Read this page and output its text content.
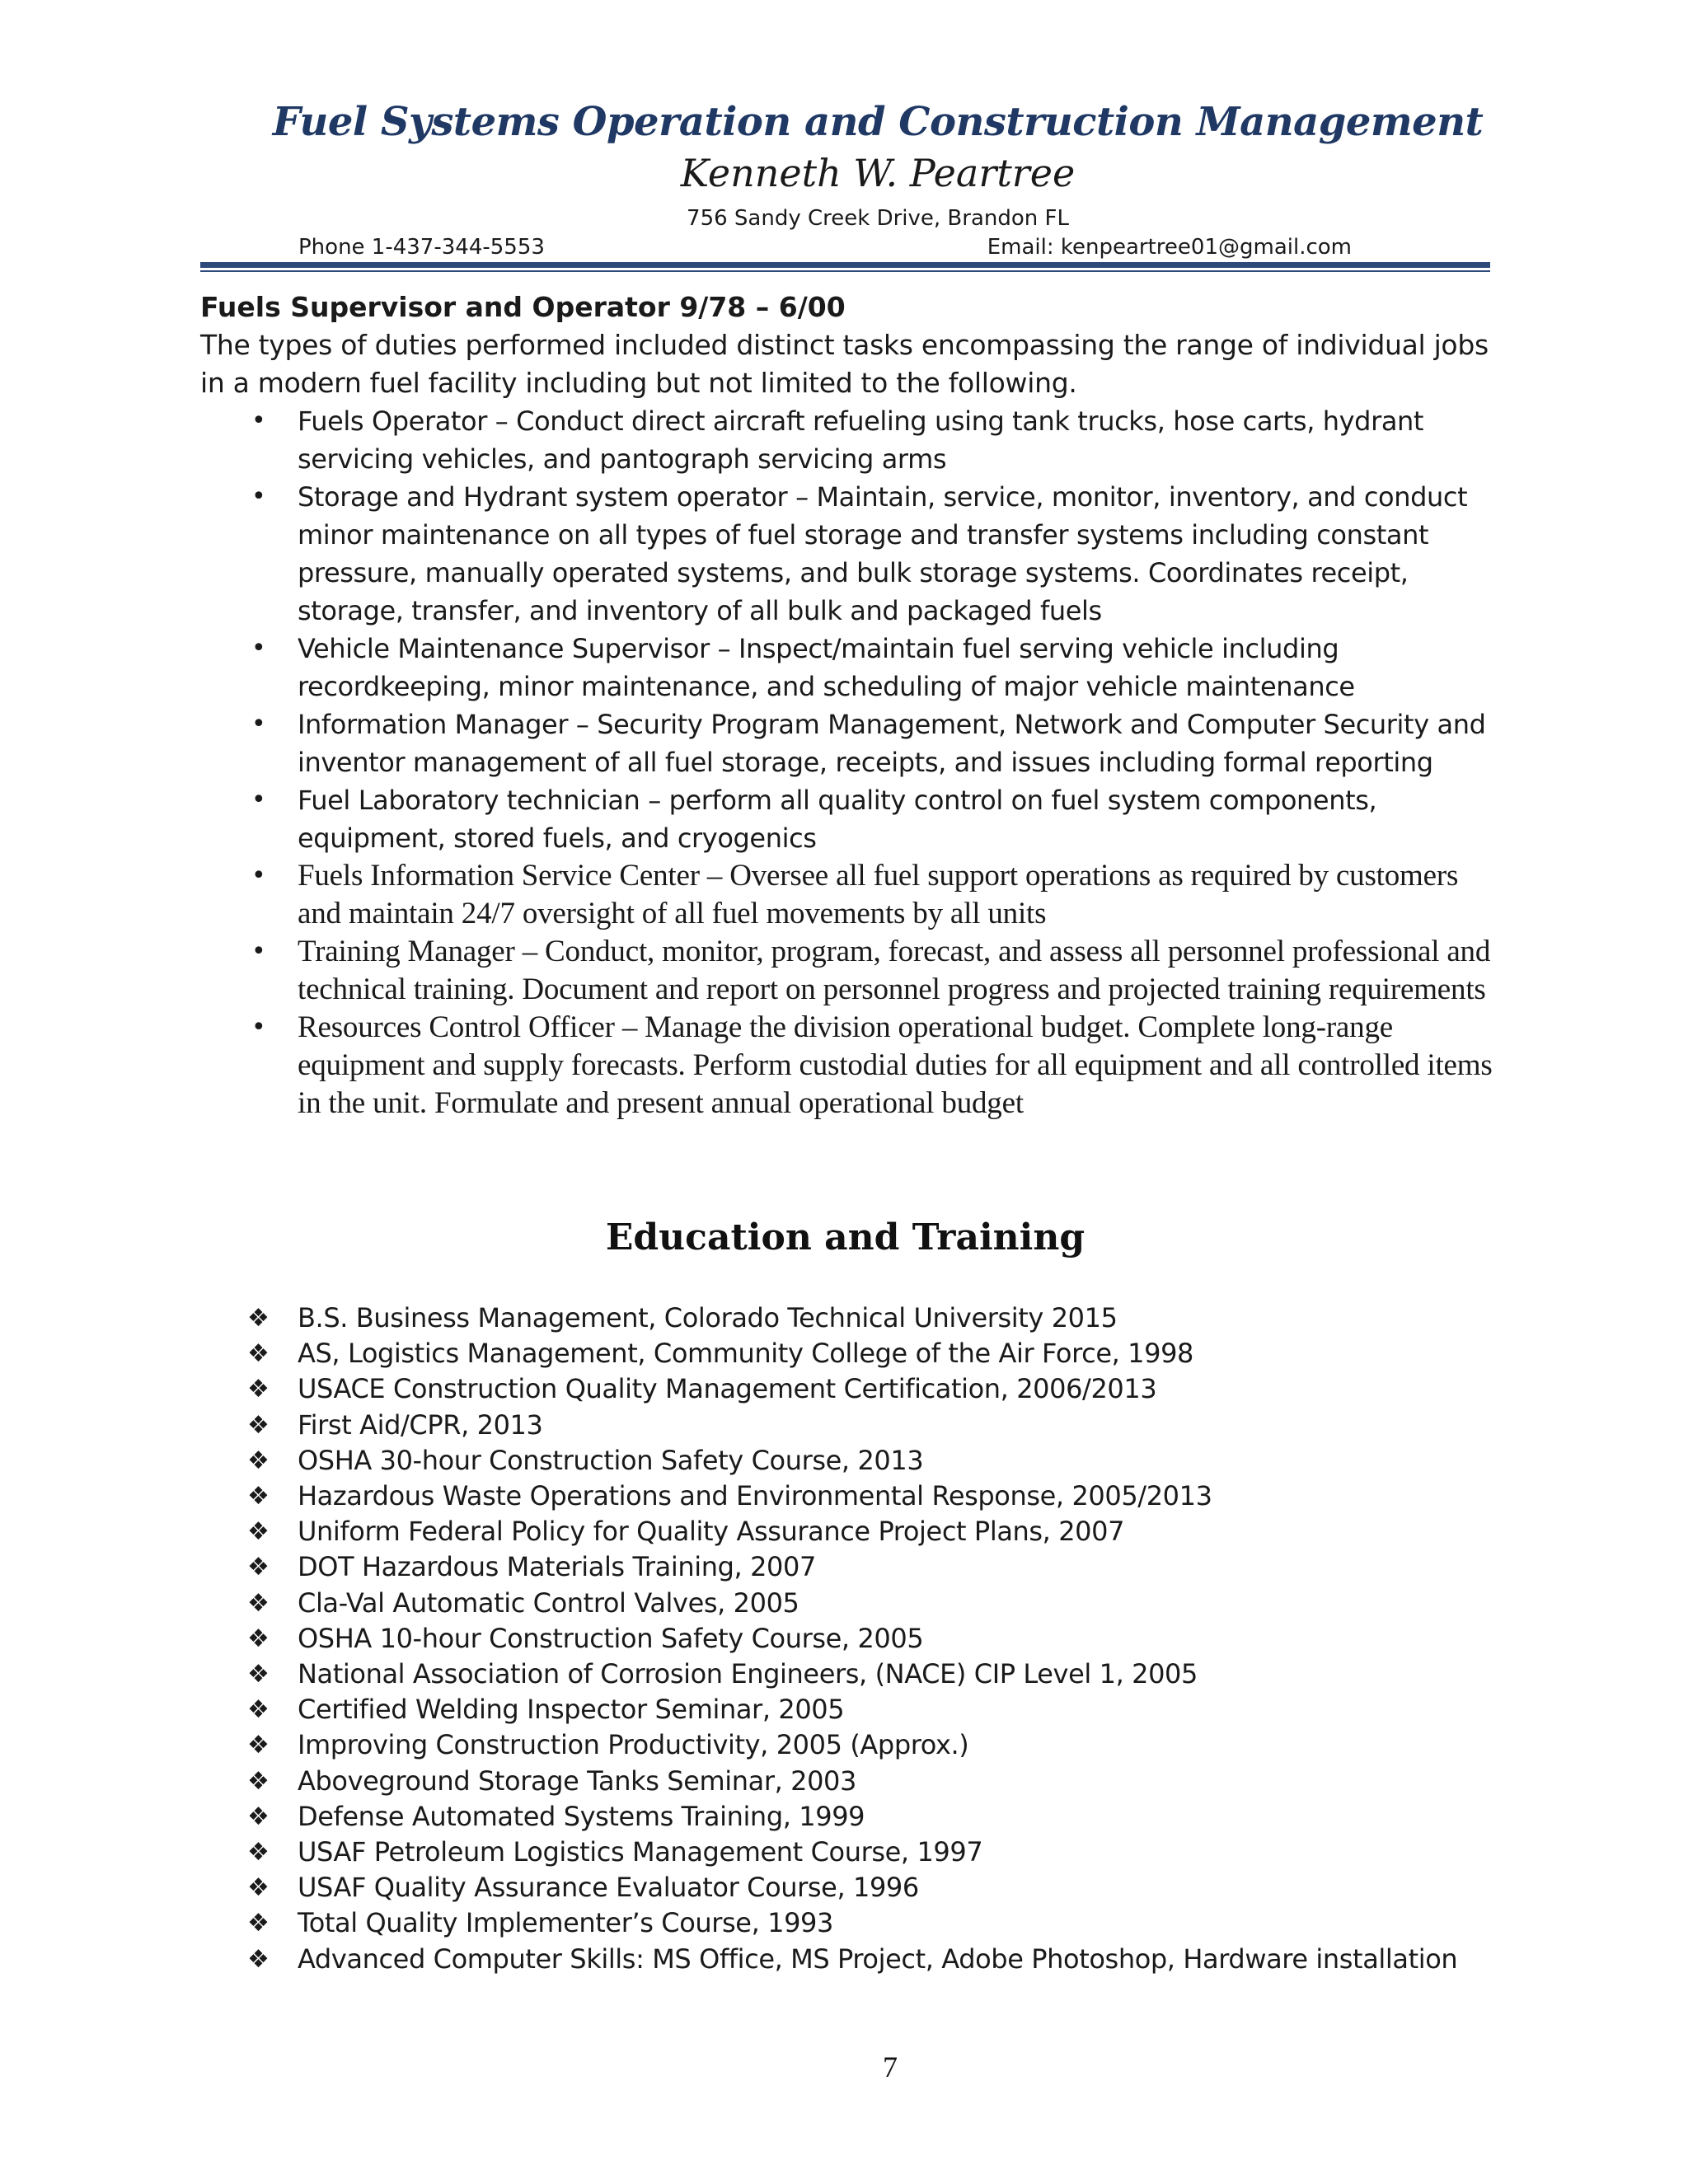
Fuel Systems Operation and Construction Management
Kenneth W. Peartree
756 Sandy Creek Drive, Brandon FL
Phone 1-437-344-5553	Email: kenpeartree01@gmail.com

Fuels Supervisor and Operator 9/78 – 6/00

The types of duties performed included distinct tasks encompassing the range of individual jobs in a modern fuel facility including but not limited to the following.

• Fuels Operator – Conduct direct aircraft refueling using tank trucks, hose carts, hydrant servicing vehicles, and pantograph servicing arms
• Storage and Hydrant system operator – Maintain, service, monitor, inventory, and conduct minor maintenance on all types of fuel storage and transfer systems including constant pressure, manually operated systems, and bulk storage systems. Coordinates receipt, storage, transfer, and inventory of all bulk and packaged fuels
• Vehicle Maintenance Supervisor – Inspect/maintain fuel serving vehicle including recordkeeping, minor maintenance, and scheduling of major vehicle maintenance
• Information Manager – Security Program Management, Network and Computer Security and inventor management of all fuel storage, receipts, and issues including formal reporting
• Fuel Laboratory technician – perform all quality control on fuel system components, equipment, stored fuels, and cryogenics
• Fuels Information Service Center – Oversee all fuel support operations as required by customers and maintain 24/7 oversight of all fuel movements by all units
• Training Manager – Conduct, monitor, program, forecast, and assess all personnel professional and technical training. Document and report on personnel progress and projected training requirements
• Resources Control Officer – Manage the division operational budget. Complete long-range equipment and supply forecasts. Perform custodial duties for all equipment and all controlled items in the unit. Formulate and present annual operational budget
Education and Training
❖ B.S. Business Management, Colorado Technical University 2015
❖ AS, Logistics Management, Community College of the Air Force, 1998
❖ USACE Construction Quality Management Certification, 2006/2013
❖ First Aid/CPR, 2013
❖ OSHA 30-hour Construction Safety Course, 2013
❖ Hazardous Waste Operations and Environmental Response, 2005/2013
❖ Uniform Federal Policy for Quality Assurance Project Plans, 2007
❖ DOT Hazardous Materials Training, 2007
❖ Cla-Val Automatic Control Valves, 2005
❖ OSHA 10-hour Construction Safety Course, 2005
❖ National Association of Corrosion Engineers, (NACE) CIP Level 1, 2005
❖ Certified Welding Inspector Seminar, 2005
❖ Improving Construction Productivity, 2005 (Approx.)
❖ Aboveground Storage Tanks Seminar, 2003
❖ Defense Automated Systems Training, 1999
❖ USAF Petroleum Logistics Management Course, 1997
❖ USAF Quality Assurance Evaluator Course, 1996
❖ Total Quality Implementer’s Course, 1993
❖ Advanced Computer Skills: MS Office, MS Project, Adobe Photoshop, Hardware installation
7
